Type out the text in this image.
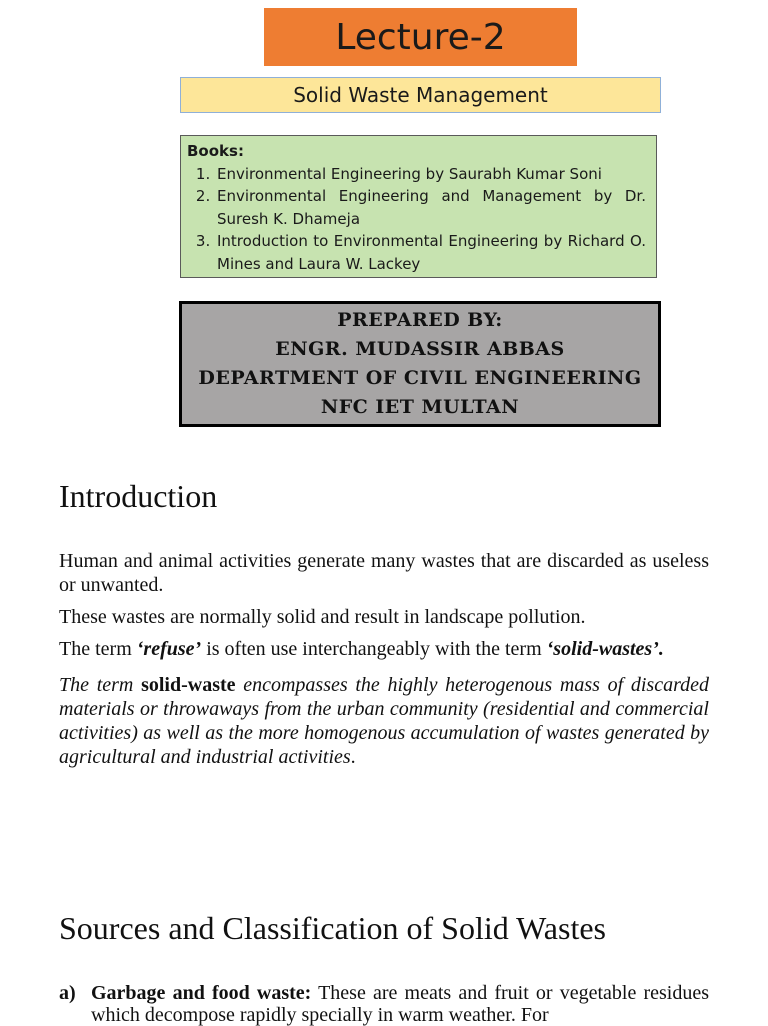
Lecture-2
Solid Waste Management
Books:
1. Environmental Engineering by Saurabh Kumar Soni
2. Environmental Engineering and Management by Dr. Suresh K. Dhameja
3. Introduction to Environmental Engineering by Richard O. Mines and Laura W. Lackey
PREPARED BY:
ENGR. MUDASSIR ABBAS
DEPARTMENT OF CIVIL ENGINEERING
NFC IET MULTAN
Introduction

Human and animal activities generate many wastes that are discarded as useless or unwanted.

These wastes are normally solid and result in landscape pollution.

The term ‘refuse’ is often use interchangeably with the term ‘solid-wastes’.

The term solid-waste encompasses the highly heterogenous mass of discarded materials or throwaways from the urban community (residential and commercial activities) as well as the more homogenous accumulation of wastes generated by agricultural and industrial activities.

Sources and Classification of Solid Wastes
a) Garbage and food waste: These are meats and fruit or vegetable residues which decompose rapidly specially in warm weather. For
